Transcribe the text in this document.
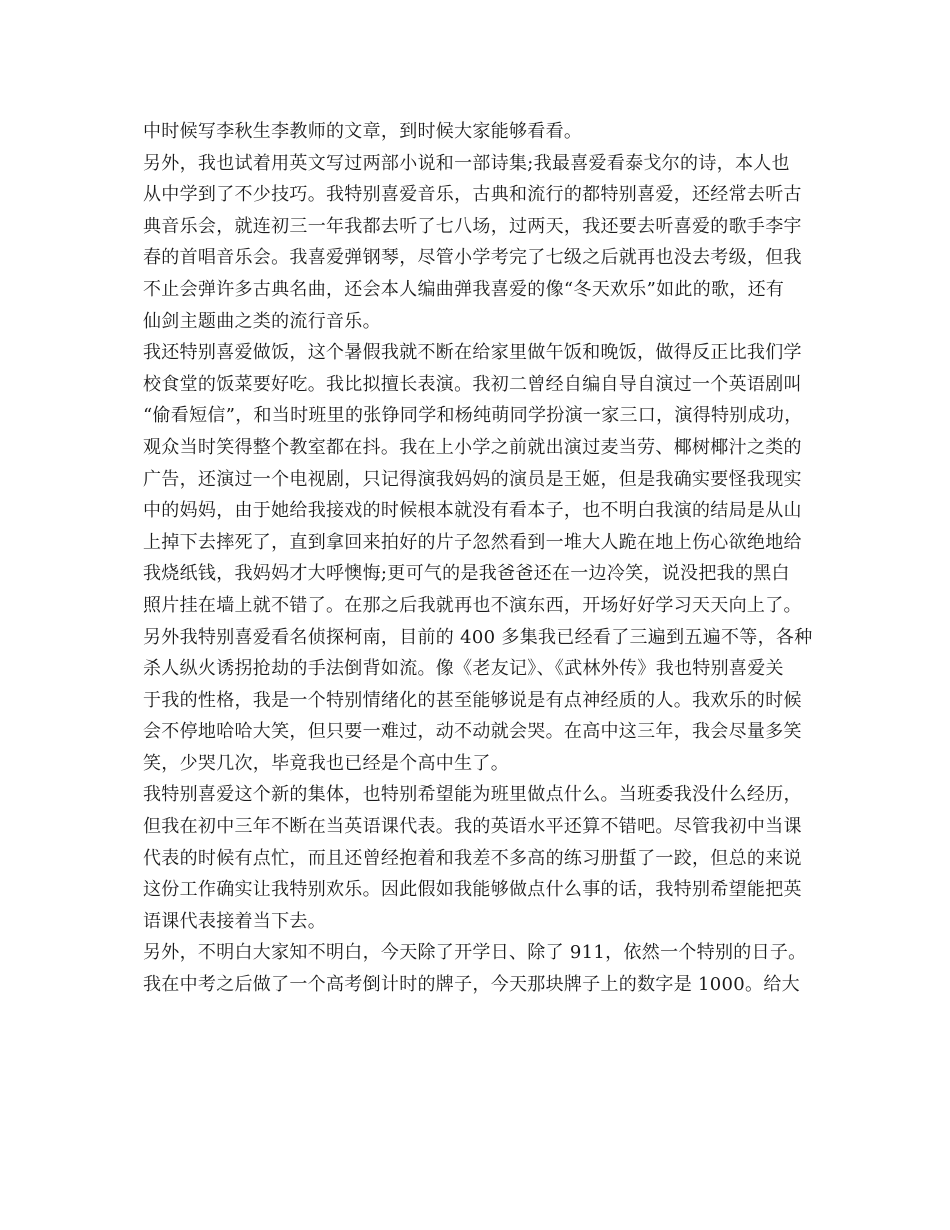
中时候写李秋生李教师的文章，到时候大家能够看看。
另外，我也试着用英文写过两部小说和一部诗集;我最喜爱看泰戈尔的诗，本人也
从中学到了不少技巧。我特别喜爱音乐，古典和流行的都特别喜爱，还经常去听古
典音乐会，就连初三一年我都去听了七八场，过两天，我还要去听喜爱的歌手李宇
春的首唱音乐会。我喜爱弹钢琴，尽管小学考完了七级之后就再也没去考级，但我
不止会弹许多古典名曲，还会本人编曲弹我喜爱的像“冬天欢乐”如此的歌，还有
仙剑主题曲之类的流行音乐。
我还特别喜爱做饭，这个暑假我就不断在给家里做午饭和晚饭，做得反正比我们学
校食堂的饭菜要好吃。我比拟擅长表演。我初二曾经自编自导自演过一个英语剧叫
“偷看短信”，和当时班里的张铮同学和杨纯萌同学扮演一家三口，演得特别成功，
观众当时笑得整个教室都在抖。我在上小学之前就出演过麦当劳、椰树椰汁之类的
广告，还演过一个电视剧，只记得演我妈妈的演员是王姬，但是我确实要怪我现实
中的妈妈，由于她给我接戏的时候根本就没有看本子，也不明白我演的结局是从山
上掉下去摔死了，直到拿回来拍好的片子忽然看到一堆大人跪在地上伤心欲绝地给
我烧纸钱，我妈妈才大呼懊悔;更可气的是我爸爸还在一边冷笑，说没把我的黑白
照片挂在墙上就不错了。在那之后我就再也不演东西，开场好好学习天天向上了。
另外我特别喜爱看名侦探柯南，目前的 400 多集我已经看了三遍到五遍不等，各种
杀人纵火诱拐抢劫的手法倒背如流。像《老友记》、《武林外传》我也特别喜爱关
于我的性格，我是一个特别情绪化的甚至能够说是有点神经质的人。我欢乐的时候
会不停地哈哈大笑，但只要一难过，动不动就会哭。在高中这三年，我会尽量多笑
笑，少哭几次，毕竟我也已经是个高中生了。
我特别喜爱这个新的集体，也特别希望能为班里做点什么。当班委我没什么经历，
但我在初中三年不断在当英语课代表。我的英语水平还算不错吧。尽管我初中当课
代表的时候有点忙，而且还曾经抱着和我差不多高的练习册蜇了一跤，但总的来说
这份工作确实让我特别欢乐。因此假如我能够做点什么事的话，我特别希望能把英
语课代表接着当下去。
另外，不明白大家知不明白，今天除了开学日、除了 911，依然一个特别的日子。
我在中考之后做了一个高考倒计时的牌子，今天那块牌子上的数字是 1000。给大
